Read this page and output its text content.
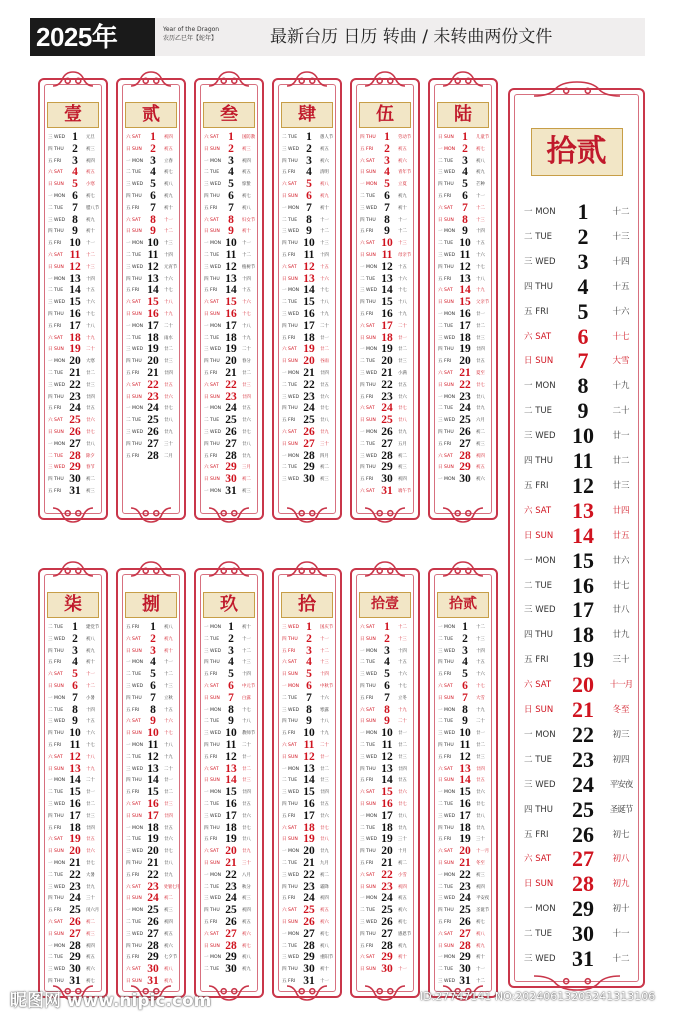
2025年	Year of the Dragon
农历乙巳年【蛇年】	最新台历 日历 转曲 / 未转曲两份文件
壹
三 WED 1	元旦
四 THU 2	初三
五 FRI 3	初四
六 SAT 4	初五
日 SUN 5	小寒
一 MON 6	初七
二 TUE 7	腊八节
三 WED 8	初九
四 THU 9	初十
五 FRI 10	十一
六 SAT 11	十二
日 SUN 12	十三
一 MON 13	十四
二 TUE 14	十五
三 WED 15	十六
四 THU 16	十七
五 FRI 17	十八
六 SAT 18	十九
日 SUN 19	二十
一 MON 20	大寒
二 TUE 21	廿二
三 WED 22	廿三
四 THU 23	廿四
五 FRI 24	廿五
六 SAT 25	廿六
日 SUN 26	廿七
一 MON 27	廿八
二 TUE 28	除夕
三 WED 29	春节
四 THU 30	初二
五 FRI 31	初三
贰
六 SAT 1	初四
日 SUN 2	初五
一 MON 3	立春
二 TUE 4	初七
三 WED 5	初八
四 THU 6	初九
五 FRI 7	初十
六 SAT 8	十一
日 SUN 9	十二
一 MON 10	十三
二 TUE 11	十四
三 WED 12	元宵节
四 THU 13	十六
五 FRI 14	十七
六 SAT 15	十八
日 SUN 16	十九
一 MON 17	二十
二 TUE 18	雨水
三 WED 19	廿二
四 THU 20	廿三
五 FRI 21	廿四
六 SAT 22	廿五
日 SUN 23	廿六
一 MON 24	廿七
二 TUE 25	廿八
三 WED 26	廿九
四 THU 27	三十
五 FRI 28	二月
叁
六 SAT 1	国防教
日 SUN 2	初三
一 MON 3	初四
二 TUE 4	初五
三 WED 5	惊蛰
四 THU 6	初七
五 FRI 7	初八
六 SAT 8	妇女节
日 SUN 9	初十
一 MON 10	十一
二 TUE 11	十二
三 WED 12	植树节
四 THU 13	十四
五 FRI 14	十五
六 SAT 15	十六
日 SUN 16	十七
一 MON 17	十八
二 TUE 18	十九
三 WED 19	二十
四 THU 20	春分
五 FRI 21	廿二
六 SAT 22	廿三
日 SUN 23	廿四
一 MON 24	廿五
二 TUE 25	廿六
三 WED 26	廿七
四 THU 27	廿八
五 FRI 28	廿九
六 SAT 29	三月
日 SUN 30	初二
一 MON 31	初三
肆
二 TUE 1	愚人节
三 WED 2	初五
四 THU 3	初六
五 FRI 4	清明
六 SAT 5	初八
日 SUN 6	初九
一 MON 7	初十
二 TUE 8	十一
三 WED 9	十二
四 THU 10	十三
五 FRI 11	十四
六 SAT 12	十五
日 SUN 13	十六
一 MON 14	十七
二 TUE 15	十八
三 WED 16	十九
四 THU 17	二十
五 FRI 18	廿一
六 SAT 19	廿二
日 SUN 20	谷雨
一 MON 21	廿四
二 TUE 22	廿五
三 WED 23	廿六
四 THU 24	廿七
五 FRI 25	廿八
六 SAT 26	廿九
日 SUN 27	三十
一 MON 28	四月
二 TUE 29	初二
三 WED 30	初三
伍
四 THU 1	劳动节
五 FRI 2	初五
六 SAT 3	初六
日 SUN 4	青年节
一 MON 5	立夏
二 TUE 6	初九
三 WED 7	初十
四 THU 8	十一
五 FRI 9	十二
六 SAT 10	十三
日 SUN 11	母亲节
一 MON 12	十五
二 TUE 13	十六
三 WED 14	十七
四 THU 15	十八
五 FRI 16	十九
六 SAT 17	二十
日 SUN 18	廿一
一 MON 19	廿二
二 TUE 20	廿三
三 WED 21	小满
四 THU 22	廿五
五 FRI 23	廿六
六 SAT 24	廿七
日 SUN 25	廿八
一 MON 26	廿九
二 TUE 27	五月
三 WED 28	初二
四 THU 29	初三
五 FRI 30	初四
六 SAT 31	端午节
陆
日 SUN 1	儿童节
一 MON 2	初七
二 TUE 3	初八
三 WED 4	初九
四 THU 5	芒种
五 FRI 6	十一
六 SAT 7	十二
日 SUN 8	十三
一 MON 9	十四
二 TUE 10	十五
三 WED 11	十六
四 THU 12	十七
五 FRI 13	十八
六 SAT 14	十九
日 SUN 15	父亲节
一 MON 16	廿一
二 TUE 17	廿二
三 WED 18	廿三
四 THU 19	廿四
五 FRI 20	廿五
六 SAT 21	夏至
日 SUN 22	廿七
一 MON 23	廿八
二 TUE 24	廿九
三 WED 25	六月
四 THU 26	初二
五 FRI 27	初三
六 SAT 28	初四
日 SUN 29	初五
一 MON 30	初六
柒
二 TUE 1	建党节
三 WED 2	初八
四 THU 3	初九
五 FRI 4	初十
六 SAT 5	十一
日 SUN 6	十二
一 MON 7	小暑
二 TUE 8	十四
三 WED 9	十五
四 THU 10	十六
五 FRI 11	十七
六 SAT 12	十八
日 SUN 13	十九
一 MON 14	二十
二 TUE 15	廿一
三 WED 16	廿二
四 THU 17	廿三
五 FRI 18	廿四
六 SAT 19	廿五
日 SUN 20	廿六
一 MON 21	廿七
二 TUE 22	大暑
三 WED 23	廿九
四 THU 24	三十
五 FRI 25	闰六月
六 SAT 26	初二
日 SUN 27	初三
一 MON 28	初四
二 TUE 29	初五
三 WED 30	初六
四 THU 31	初七
捌
五 FRI 1	初八
六 SAT 2	初九
日 SUN 3	初十
一 MON 4	十一
二 TUE 5	十二
三 WED 6	十三
四 THU 7	立秋
五 FRI 8	十五
六 SAT 9	十六
日 SUN 10	十七
一 MON 11	十八
二 TUE 12	十九
三 WED 13	二十
四 THU 14	廿一
五 FRI 15	廿二
六 SAT 16	廿三
日 SUN 17	廿四
一 MON 18	廿五
二 TUE 19	廿六
三 WED 20	廿七
四 THU 21	廿八
五 FRI 22	廿九
六 SAT 23	处暑七月
日 SUN 24	初二
一 MON 25	初三
二 TUE 26	初四
三 WED 27	初五
四 THU 28	初六
五 FRI 29	七夕节
六 SAT 30	初八
日 SUN 31	初九
玖
一 MON 1	初十
二 TUE 2	十一
三 WED 3	十二
四 THU 4	十三
五 FRI 5	十四
六 SAT 6	中元节
日 SUN 7	白露
一 MON 8	十七
二 TUE 9	十八
三 WED 10	教师节
四 THU 11	二十
五 FRI 12	廿一
六 SAT 13	廿二
日 SUN 14	廿三
一 MON 15	廿四
二 TUE 16	廿五
三 WED 17	廿六
四 THU 18	廿七
五 FRI 19	廿八
六 SAT 20	廿九
日 SUN 21	三十
一 MON 22	八月
二 TUE 23	秋分
三 WED 24	初三
四 THU 25	初四
五 FRI 26	初五
六 SAT 27	初六
日 SUN 28	初七
一 MON 29	初八
二 TUE 30	初九
拾
三 WED 1	国庆节
四 THU 2	十一
五 FRI 3	十二
六 SAT 4	十三
日 SUN 5	十四
一 MON 6	中秋节
二 TUE 7	十六
三 WED 8	寒露
四 THU 9	十八
五 FRI 10	十九
六 SAT 11	二十
日 SUN 12	廿一
一 MON 13	廿二
二 TUE 14	廿三
三 WED 15	廿四
四 THU 16	廿五
五 FRI 17	廿六
六 SAT 18	廿七
日 SUN 19	廿八
一 MON 20	廿九
二 TUE 21	九月
三 WED 22	初二
四 THU 23	霜降
五 FRI 24	初四
六 SAT 25	初五
日 SUN 26	初六
一 MON 27	初七
二 TUE 28	初八
三 WED 29	重阳节
四 THU 30	初十
五 FRI 31	十一
拾壹
六 SAT 1	十二
日 SUN 2	十三
一 MON 3	十四
二 TUE 4	十五
三 WED 5	十六
四 THU 6	十七
五 FRI 7	立冬
六 SAT 8	十九
日 SUN 9	二十
一 MON 10	廿一
二 TUE 11	廿二
三 WED 12	廿三
四 THU 13	廿四
五 FRI 14	廿五
六 SAT 15	廿六
日 SUN 16	廿七
一 MON 17	廿八
二 TUE 18	廿九
三 WED 19	三十
四 THU 20	十月
五 FRI 21	初二
六 SAT 22	小雪
日 SUN 23	初四
一 MON 24	初五
二 TUE 25	初六
三 WED 26	初七
四 THU 27	感恩节
五 FRI 28	初九
六 SAT 29	初十
日 SUN 30	十一
拾贰
一 MON 1	十二
二 TUE 2	十三
三 WED 3	十四
四 THU 4	十五
五 FRI 5	十六
六 SAT 6	十七
日 SUN 7	大雪
一 MON 8	十九
二 TUE 9	二十
三 WED 10	廿一
四 THU 11	廿二
五 FRI 12	廿三
六 SAT 13	廿四
日 SUN 14	廿五
一 MON 15	廿六
二 TUE 16	廿七
三 WED 17	廿八
四 THU 18	廿九
五 FRI 19	三十
六 SAT 20	十一月
日 SUN 21	冬至
一 MON 22	初三
二 TUE 23	初四
三 WED 24	平安夜
四 THU 25	圣诞节
五 FRI 26	初七
六 SAT 27	初八
日 SUN 28	初九
一 MON 29	初十
二 TUE 30	十一
三 WED 31	十二
拾贰
一 MON 1	十二
二 TUE	2	十三
三 WED 3	十四
四 THU	4	十五
五 FRI	5	十六
六 SAT	6	十七
日 SUN	7	大雪
一 MON 8	十九
二 TUE	9	二十
三 WED 10	廿一
四 THU 11	廿二
五 FRI 12	廿三
六 SAT 13	廿四
日 SUN 14	廿五
一 MON 15	廿六
二 TUE 16	廿七
三 WED 17	廿八
四 THU 18	廿九
五 FRI 19	三十
六 SAT 20	十一月
日 SUN 21	冬至
一 MON 22	初三
二 TUE 23	初四
三 WED 24	平安夜
四 THU 25	圣诞节
五 FRI 26	初七
六 SAT 27	初八
日 SUN 28	初九
一 MON 29	初十
二 TUE 30	十一
三 WED 31	十二
昵图网 www.nipic.com	ID:27747141 NO:20240613205241313106
